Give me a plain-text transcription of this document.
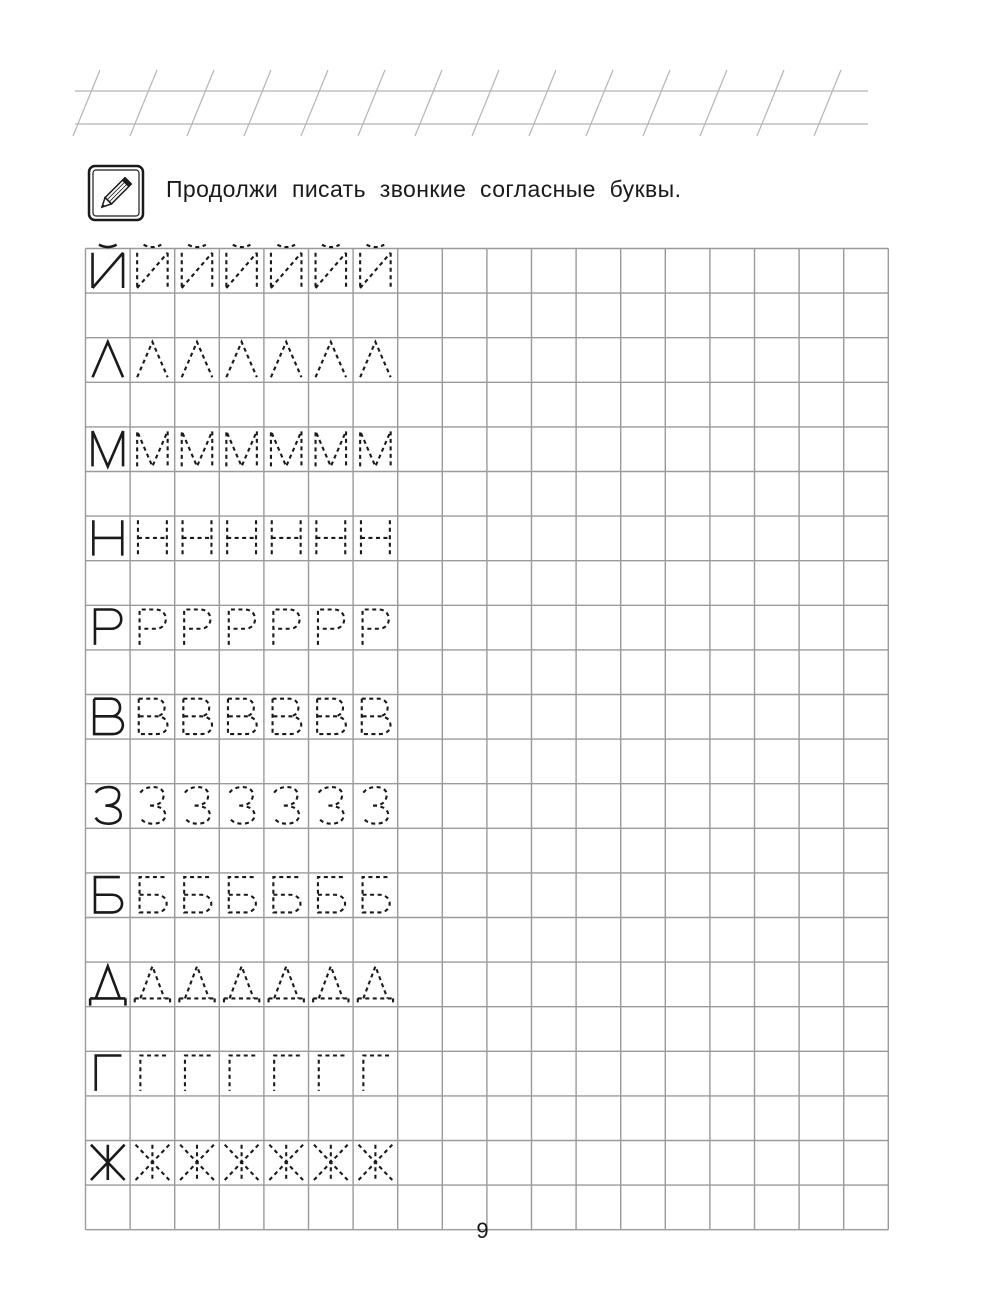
Продолжи писать звонкие согласные буквы.
Й
Л
М
Н
Р
В
З
Б
Д
Г
Ж
9
